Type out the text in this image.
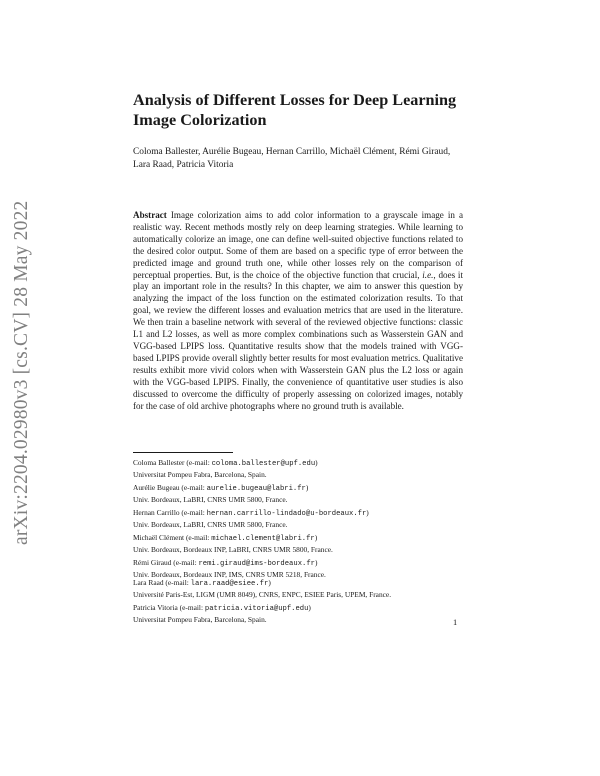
arXiv:2204.02980v3 [cs.CV] 28 May 2022
Analysis of Different Losses for Deep Learning Image Colorization

Coloma Ballester, Aurélie Bugeau, Hernan Carrillo, Michaël Clément, Rémi Giraud, Lara Raad, Patricia Vitoria

Abstract Image colorization aims to add color information to a grayscale image in a realistic way. Recent methods mostly rely on deep learning strategies. While learning to automatically colorize an image, one can define well-suited objective functions related to the desired color output. Some of them are based on a specific type of error between the predicted image and ground truth one, while other losses rely on the comparison of perceptual properties. But, is the choice of the objective function that crucial, i.e., does it play an important role in the results? In this chapter, we aim to answer this question by analyzing the impact of the loss function on the estimated colorization results. To that goal, we review the different losses and evaluation metrics that are used in the literature. We then train a baseline network with several of the reviewed objective functions: classic L1 and L2 losses, as well as more complex combinations such as Wasserstein GAN and VGG-based LPIPS loss. Quantitative results show that the models trained with VGG-based LPIPS provide overall slightly better results for most evaluation metrics. Qualitative results exhibit more vivid colors when with Wasserstein GAN plus the L2 loss or again with the VGG-based LPIPS. Finally, the convenience of quantitative user studies is also discussed to overcome the difficulty of properly assessing on colorized images, notably for the case of old archive photographs where no ground truth is available.

Coloma Ballester (e-mail: coloma.ballester@upf.edu)
Universitat Pompeu Fabra, Barcelona, Spain.

Aurélie Bugeau (e-mail: aurelie.bugeau@labri.fr)
Univ. Bordeaux, LaBRI, CNRS UMR 5800, France.

Hernan Carrillo (e-mail: hernan.carrillo-lindado@u-bordeaux.fr)
Univ. Bordeaux, LaBRI, CNRS UMR 5800, France.

Michaël Clément (e-mail: michael.clement@labri.fr)
Univ. Bordeaux, Bordeaux INP, LaBRI, CNRS UMR 5800, France.

Rémi Giraud (e-mail: remi.giraud@ims-bordeaux.fr)
Univ. Bordeaux, Bordeaux INP, IMS, CNRS UMR 5218, France.

Lara Raad (e-mail: lara.raad@esiee.fr)
Université Paris-Est, LIGM (UMR 8049), CNRS, ENPC, ESIEE Paris, UPEM, France.

Patricia Vitoria (e-mail: patricia.vitoria@upf.edu)
Universitat Pompeu Fabra, Barcelona, Spain.	1
